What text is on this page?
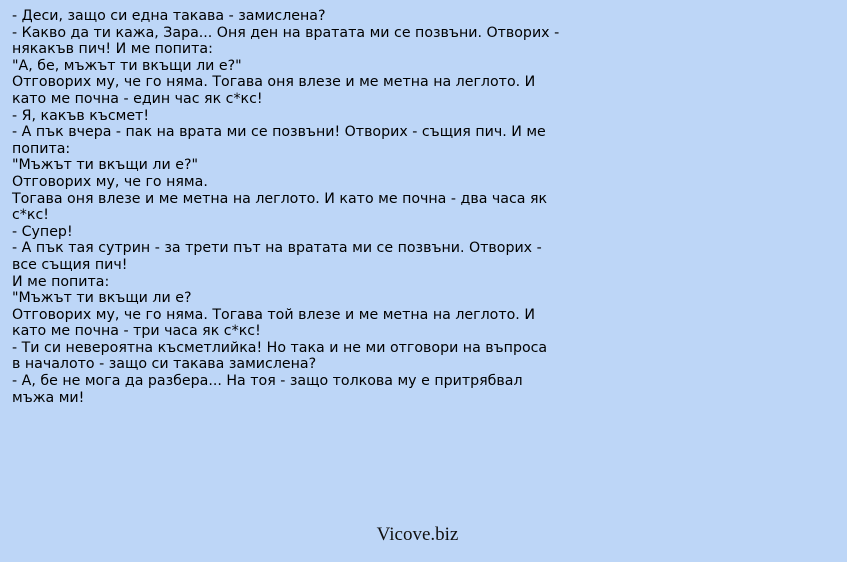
- Деси, защо си една такава - замислена?
- Какво да ти кажа, Зара... Оня ден на вратата ми се позвъни. Отворих -
някакъв пич! И ме попита:
"А, бе, мъжът ти вкъщи ли е?"
Отговорих му, че го няма. Тогава оня влезе и ме метна на леглото. И
като ме почна - един час як с*кс!
- Я, какъв късмет!
- А пък вчера - пак на врата ми се позвъни! Отворих - същия пич. И ме
попита:
"Мъжът ти вкъщи ли е?"
Отговорих му, че го няма.
Тогава оня влезе и ме метна на леглото. И като ме почна - два часа як
с*кс!
- Супер!
- А пък тая сутрин - за трети път на вратата ми се позвъни. Отворих -
все същия пич!
И ме попита:
"Мъжът ти вкъщи ли е?
Отговорих му, че го няма. Тогава той влезе и ме метна на леглото. И
като ме почна - три часа як с*кс!
- Ти си невероятна късметлийка! Но така и не ми отговори на въпроса
в началото - защо си такава замислена?
- А, бе не мога да разбера... На тоя - защо толкова му е притрябвал
мъжа ми!
Vicove.biz
